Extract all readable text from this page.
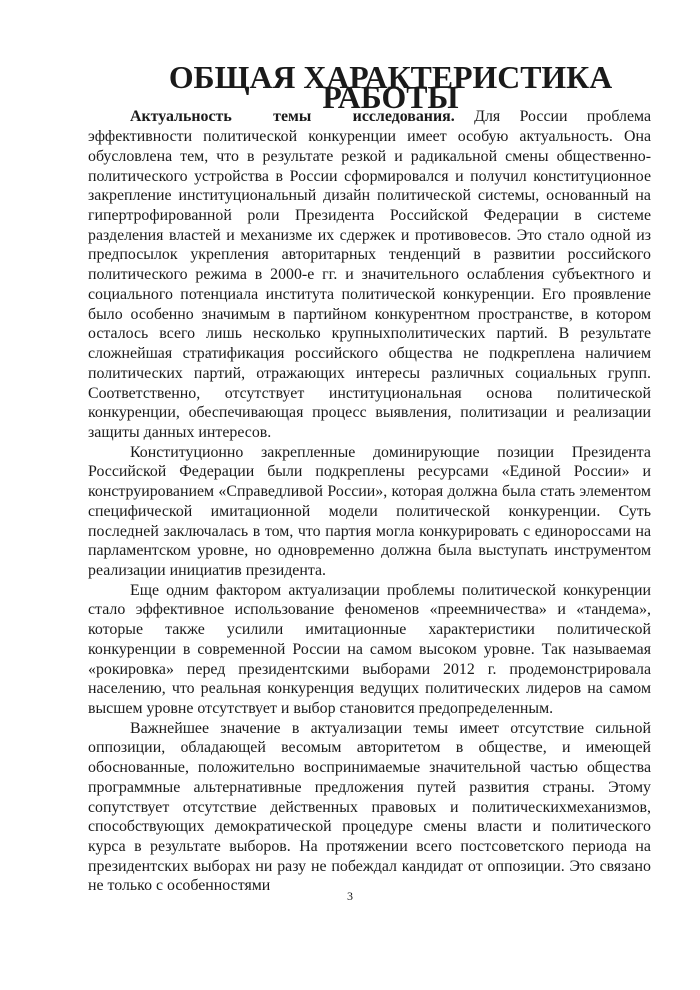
ОБЩАЯ ХАРАКТЕРИСТИКА РАБОТЫ

Актуальность темы исследования. Для России проблема эффективности политической конкуренции имеет особую актуальность. Она обусловлена тем, что в результате резкой и радикальной смены общественно-политического устройства в России сформировался и получил конституционное закрепление институциональный дизайн политической системы, основанный на гипертрофированной роли Президента Российской Федерации в системе разделения властей и механизме их сдержек и противовесов. Это стало одной из предпосылок укрепления авторитарных тенденций в развитии российского политического режима в 2000-е гг. и значительного ослабления субъектного и социального потенциала института политической конкуренции. Его проявление было особенно значимым в партийном конкурентном пространстве, в котором осталось всего лишь несколько крупныхполитических партий. В результате сложнейшая стратификация российского общества не подкреплена наличием политических партий, отражающих интересы различных социальных групп. Соответственно, отсутствует институциональная основа политической конкуренции, обеспечивающая процесс выявления, политизации и реализации защиты данных интересов.

Конституционно закрепленные доминирующие позиции Президента Российской Федерации были подкреплены ресурсами «Единой России» и конструированием «Справедливой России», которая должна была стать элементом специфической имитационной модели политической конкуренции. Суть последней заключалась в том, что партия могла конкурировать с единороссами на парламентском уровне, но одновременно должна была выступать инструментом реализации инициатив президента.

Еще одним фактором актуализации проблемы политической конкуренции стало эффективное использование феноменов «преемничества» и «тандема», которые также усилили имитационные характеристики политической конкуренции в современной России на самом высоком уровне. Так называемая «рокировка» перед президентскими выборами 2012 г. продемонстрировала населению, что реальная конкуренция ведущих политических лидеров на самом высшем уровне отсутствует и выбор становится предопределенным.

Важнейшее значение в актуализации темы имеет отсутствие сильной оппозиции, обладающей весомым авторитетом в обществе, и имеющей обоснованные, положительно воспринимаемые значительной частью общества программные альтернативные предложения путей развития страны. Этому сопутствует отсутствие действенных правовых и политическихмеханизмов, способствующих демократической процедуре смены власти и политического курса в результате выборов. На протяжении всего постсоветского периода на президентских выборах ни разу не побеждал кандидат от оппозиции. Это связано не только с особенностями

3
